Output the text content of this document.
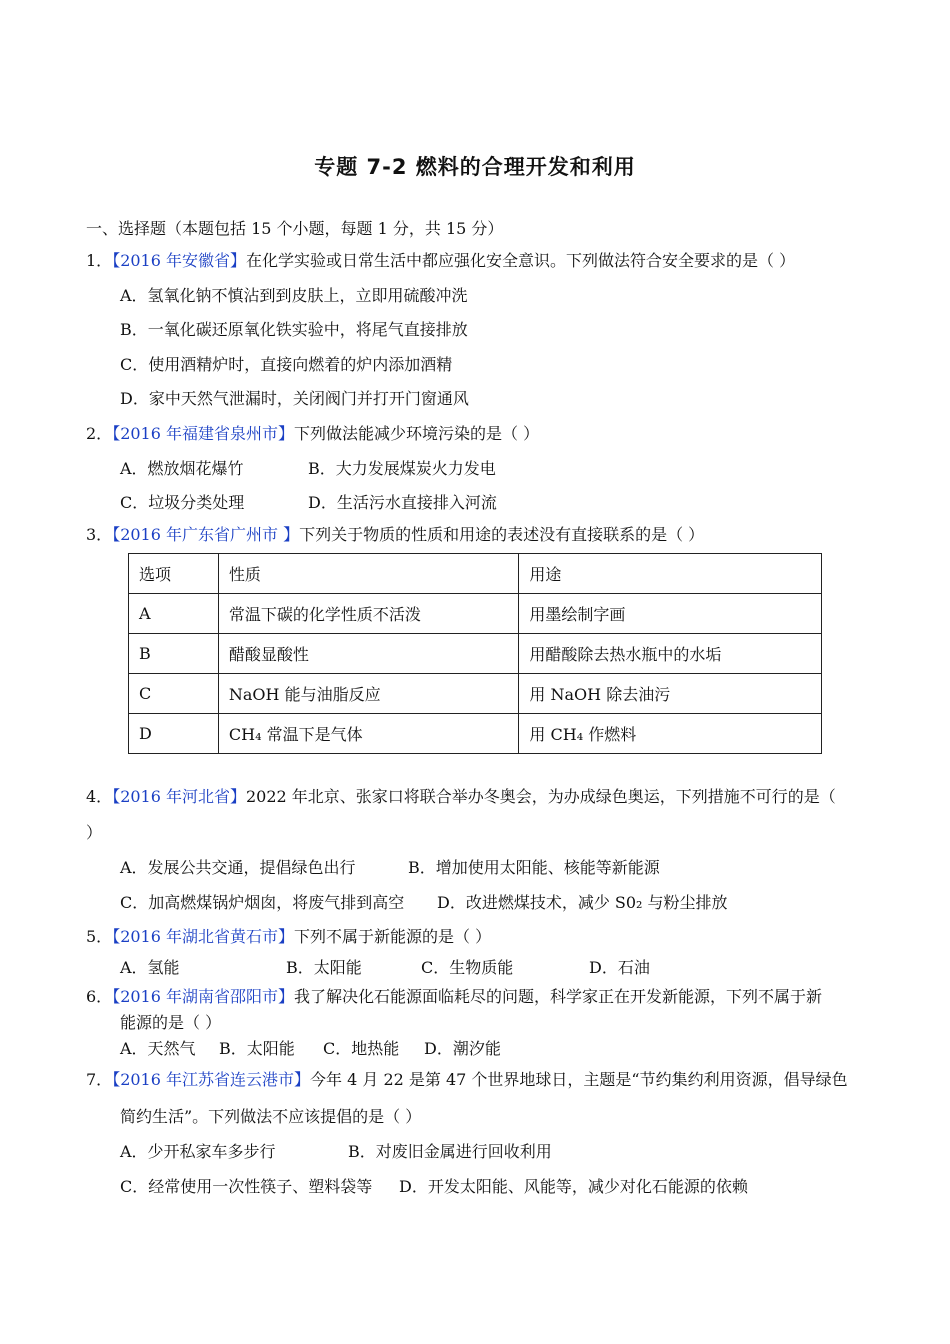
专题 7-2 燃料的合理开发和利用
一、选择题（本题包括 15 个小题，每题 1 分，共 15 分）
1．【2016 年安徽省】在化学实验或日常生活中都应强化安全意识。下列做法符合安全要求的是（ ）
A．氢氧化钠不慎沾到到皮肤上，立即用硫酸冲洗
B．一氧化碳还原氧化铁实验中，将尾气直接排放
C．使用酒精炉时，直接向燃着的炉内添加酒精
D．家中天然气泄漏时，关闭阀门并打开门窗通风
2．【2016 年福建省泉州市】下列做法能减少环境污染的是（ ）
A．燃放烟花爆竹	B．大力发展煤炭火力发电
C．垃圾分类处理	D．生活污水直接排入河流
3．【2016 年广东省广州市 】下列关于物质的性质和用途的表述没有直接联系的是（ ）
选项	性质	用途
A	常温下碳的化学性质不活泼	用墨绘制字画
B	醋酸显酸性	用醋酸除去热水瓶中的水垢
C	NaOH 能与油脂反应	用 NaOH 除去油污
D	CH₄ 常温下是气体	用 CH₄ 作燃料
4．【2016 年河北省】2022 年北京、张家口将联合举办冬奥会，为办成绿色奥运，下列措施不可行的是（
）
A．发展公共交通，提倡绿色出行	B．增加使用太阳能、核能等新能源
C．加高燃煤锅炉烟囱，将废气排到高空 D．改进燃煤技术，减少 S0₂ 与粉尘排放
5．【2016 年湖北省黄石市】下列不属于新能源的是（ ）
A．氢能	B．太阳能	C．生物质能	D．石油
6．【2016 年湖南省邵阳市】我了解决化石能源面临耗尽的问题，科学家正在开发新能源，下列不属于新
能源的是（ ）
A．天然气 B．太阳能 C．地热能 D．潮汐能
7．【2016 年江苏省连云港市】今年 4 月 22 是第 47 个世界地球日，主题是“节约集约利用资源，倡导绿色
简约生活”。下列做法不应该提倡的是（ ）
A．少开私家车多步行	B．对废旧金属进行回收利用
C．经常使用一次性筷子、塑料袋等 D．开发太阳能、风能等，减少对化石能源的依赖
